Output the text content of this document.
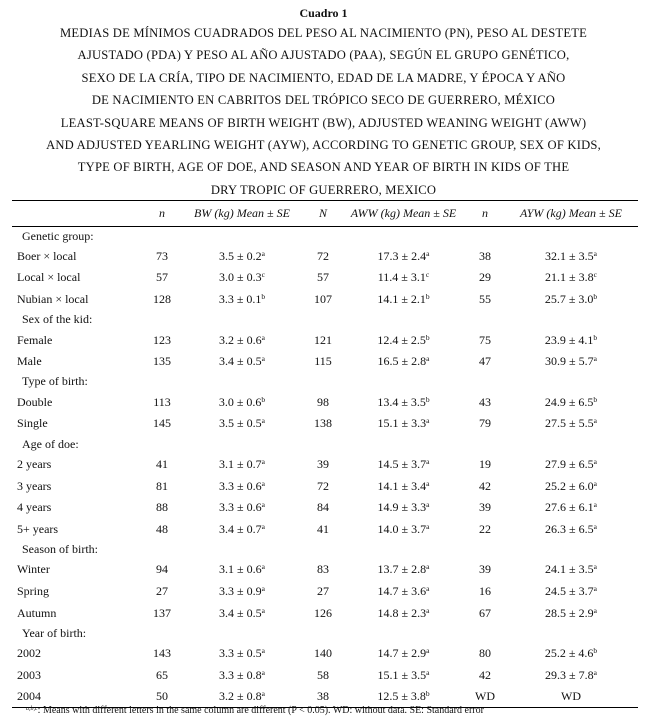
Cuadro 1
MEDIAS DE MÍNIMOS CUADRADOS DEL PESO AL NACIMIENTO (PN), PESO AL DESTETE
AJUSTADO (PDA) Y PESO AL AÑO AJUSTADO (PAA), SEGÚN EL GRUPO GENÉTICO,
SEXO DE LA CRÍA, TIPO DE NACIMIENTO, EDAD DE LA MADRE, Y ÉPOCA Y AÑO
DE NACIMIENTO EN CABRITOS DEL TRÓPICO SECO DE GUERRERO, MÉXICO
LEAST-SQUARE MEANS OF BIRTH WEIGHT (BW), ADJUSTED WEANING WEIGHT (AWW)
AND ADJUSTED YEARLING WEIGHT (AYW), ACCORDING TO GENETIC GROUP, SEX OF KIDS,
TYPE OF BIRTH, AGE OF DOE, AND SEASON AND YEAR OF BIRTH IN KIDS OF THE
DRY TROPIC OF GUERRERO, MEXICO
	n	BW (kg) Mean ± SE	N	AWW (kg) Mean ± SE	n	AYW (kg) Mean ± SE
Genetic group:						
Boer × local	73	3.5 ± 0.2$^a$	72	17.3 ± 2.4$^a$	38	32.1 ± 3.5$^a$
Local × local	57	3.0 ± 0.3$^c$	57	11.4 ± 3.1$^c$	29	21.1 ± 3.8$^c$
Nubian × local	128	3.3 ± 0.1$^b$	107	14.1 ± 2.1$^b$	55	25.7 ± 3.0$^b$
Sex of the kid:						
Female	123	3.2 ± 0.6$^a$	121	12.4 ± 2.5$^b$	75	23.9 ± 4.1$^b$
Male	135	3.4 ± 0.5$^a$	115	16.5 ± 2.8$^a$	47	30.9 ± 5.7$^a$
Type of birth:						
Double	113	3.0 ± 0.6$^b$	98	13.4 ± 3.5$^b$	43	24.9 ± 6.5$^b$
Single	145	3.5 ± 0.5$^a$	138	15.1 ± 3.3$^a$	79	27.5 ± 5.5$^a$
Age of doe:						
2 years	41	3.1 ± 0.7$^a$	39	14.5 ± 3.7$^a$	19	27.9 ± 6.5$^a$
3 years	81	3.3 ± 0.6$^a$	72	14.1 ± 3.4$^a$	42	25.2 ± 6.0$^a$
4 years	88	3.3 ± 0.6$^a$	84	14.9 ± 3.3$^a$	39	27.6 ± 6.1$^a$
5+ years	48	3.4 ± 0.7$^a$	41	14.0 ± 3.7$^a$	22	26.3 ± 6.5$^a$
Season of birth:						
Winter	94	3.1 ± 0.6$^a$	83	13.7 ± 2.8$^a$	39	24.1 ± 3.5$^a$
Spring	27	3.3 ± 0.9$^a$	27	14.7 ± 3.6$^a$	16	24.5 ± 3.7$^a$
Autumn	137	3.4 ± 0.5$^a$	126	14.8 ± 2.3$^a$	67	28.5 ± 2.9$^a$
Year of birth:						
2002	143	3.3 ± 0.5$^a$	140	14.7 ± 2.9$^a$	80	25.2 ± 4.6$^b$
2003	65	3.3 ± 0.8$^a$	58	15.1 ± 3.5$^a$	42	29.3 ± 7.8$^a$
2004	50	3.2 ± 0.8$^a$	38	12.5 ± 3.8$^b$	WD	WD
$^{a,b,c}$: Means with different letters in the same column are different (P < 0.05). WD: without data. SE: Standard error
